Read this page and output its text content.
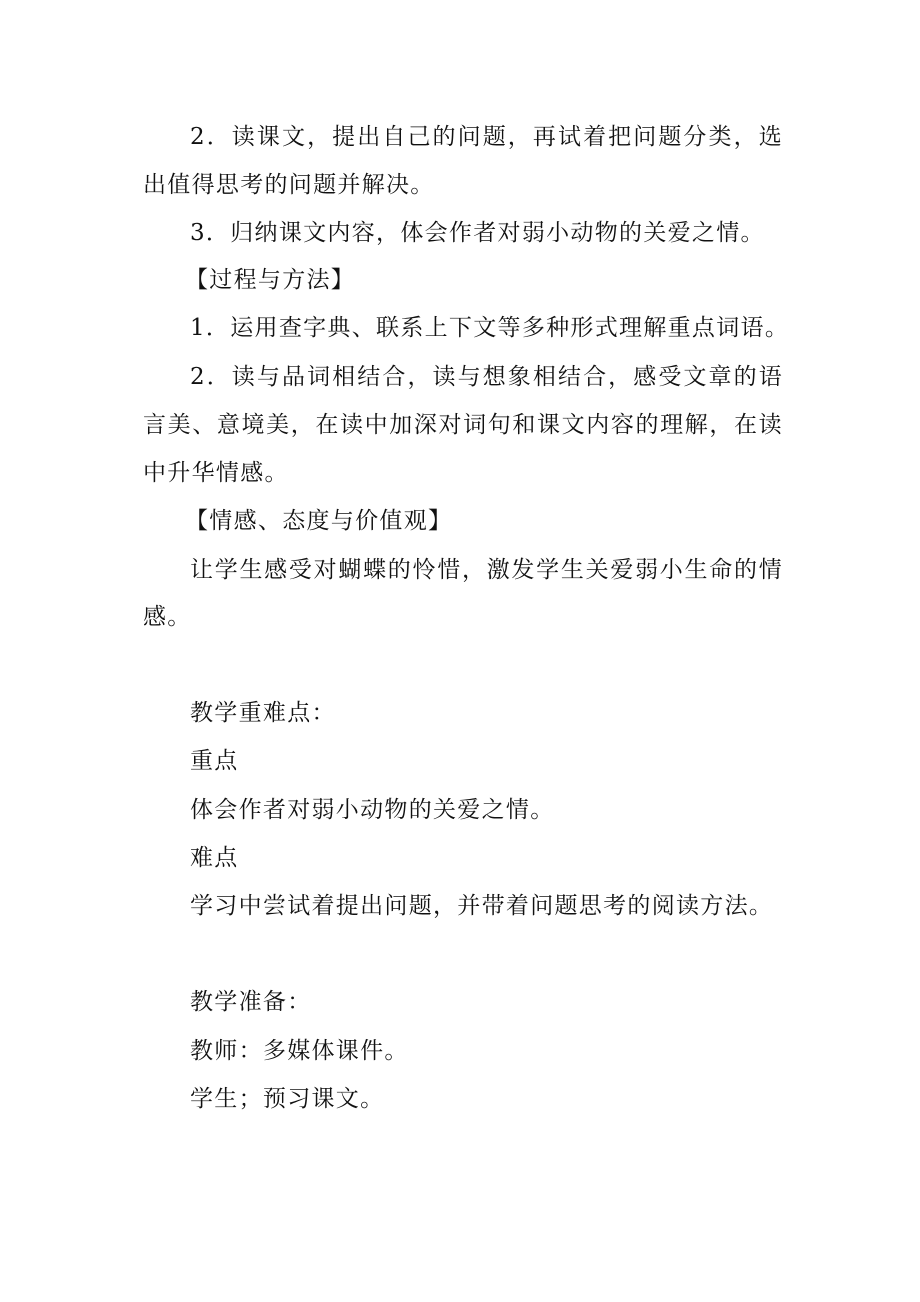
2．读课文，提出自己的问题，再试着把问题分类，选
出值得思考的问题并解决。
3．归纳课文内容，体会作者对弱小动物的关爱之情。
【过程与方法】
1．运用查字典、联系上下文等多种形式理解重点词语。
2．读与品词相结合，读与想象相结合，感受文章的语
言美、意境美，在读中加深对词句和课文内容的理解，在读
中升华情感。
【情感、态度与价值观】
让学生感受对蝴蝶的怜惜，激发学生关爱弱小生命的情
感。
教学重难点：
重点
体会作者对弱小动物的关爱之情。
难点
学习中尝试着提出问题，并带着问题思考的阅读方法。
教学准备：
教师：多媒体课件。
学生；预习课文。
